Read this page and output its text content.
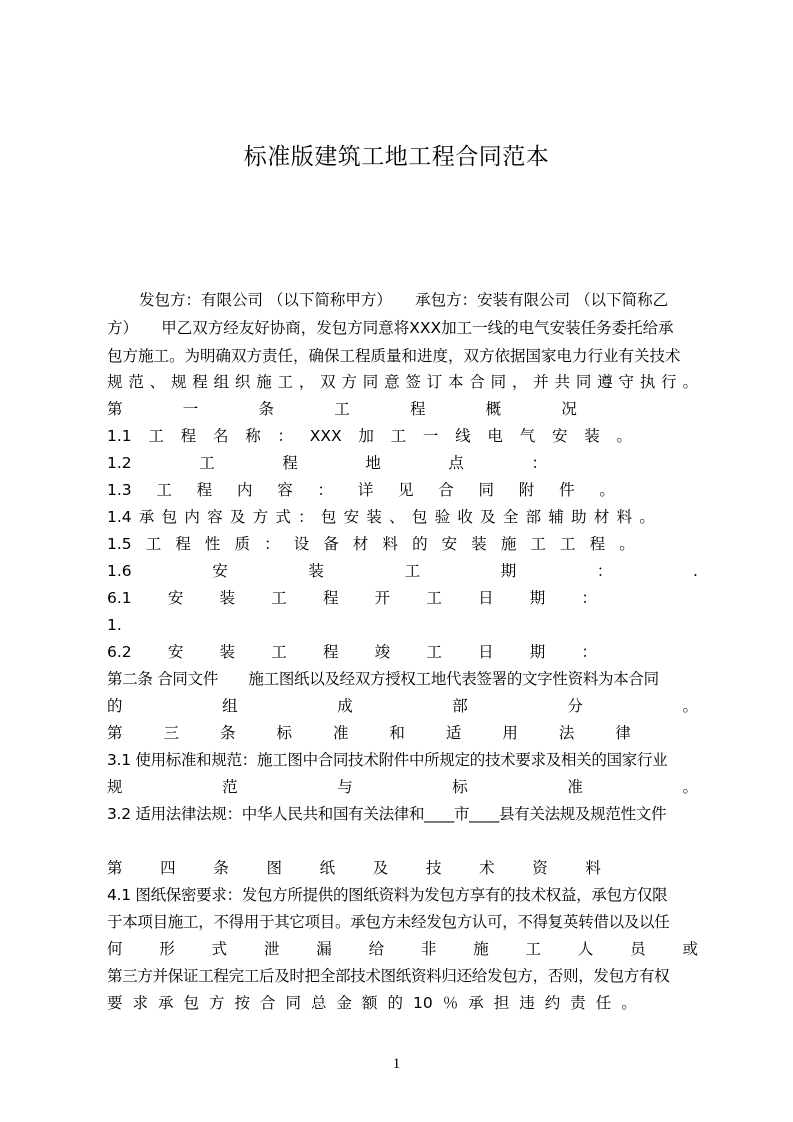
标准版建筑工地工程合同范本
发包方：有限公司 （以下简称甲方）　　承包方：安装有限公司 （以下简称乙
方）　　甲乙双方经友好协商，发包方同意将XXX加工一线的电气安装任务委托给承
包方施工。为明确双方责任，确保工程质量和进度，双方依据国家电力行业有关技术
规 范 、 规 程 组 织 施 工 ， 双 方 同 意 签 订 本 合 同 ， 并 共 同 遵 守 执 行 。
第	一	条	工	程	概	况
1.1 工 程 名 称 ： XXX 加 工 一 线 电 气 安 装 。
1.2	工	程	地	点	：
1.3 工 程 内 容 ： 详 见 合 同 附 件 。
1.4 承 包 内 容 及 方 式 ： 包 安 装 、 包 验 收 及 全 部 辅 助 材 料 。
1.5 工 程 性 质 ： 设 备 材 料 的 安 装 施 工 工 程 。
1.6	安	装	工	期	：	.
6.1 安 装 工 程 开 工 日 期 ：
1.
6.2 安 装 工 程 竣 工 日 期 ：
第二条 合同文件　　施工图纸以及经双方授权工地代表签署的文字性资料为本合同
的	组	成	部	分	。
第	三	条	标	准	和	适	用	法	律
3.1 使用标准和规范：施工图中合同技术附件中所规定的技术要求及相关的国家行业
规	范	与	标	准	。
3.2 适用法律法规：中华人民共和国有关法律和____市____县有关法规及规范性文件
第 四 条 图 纸 及 技 术 资 料
4.1 图纸保密要求：发包方所提供的图纸资料为发包方享有的技术权益，承包方仅限
于本项目施工，不得用于其它项目。承包方未经发包方认可，不得复英转借以及以任
何 形 式 泄 漏 给 非 施 工 人 员 或
第三方并保证工程完工后及时把全部技术图纸资料归还给发包方，否则，发包方有权
要 求 承 包 方 按 合 同 总 金 额 的 10 ％ 承 担 违 约 责 任 。
1
